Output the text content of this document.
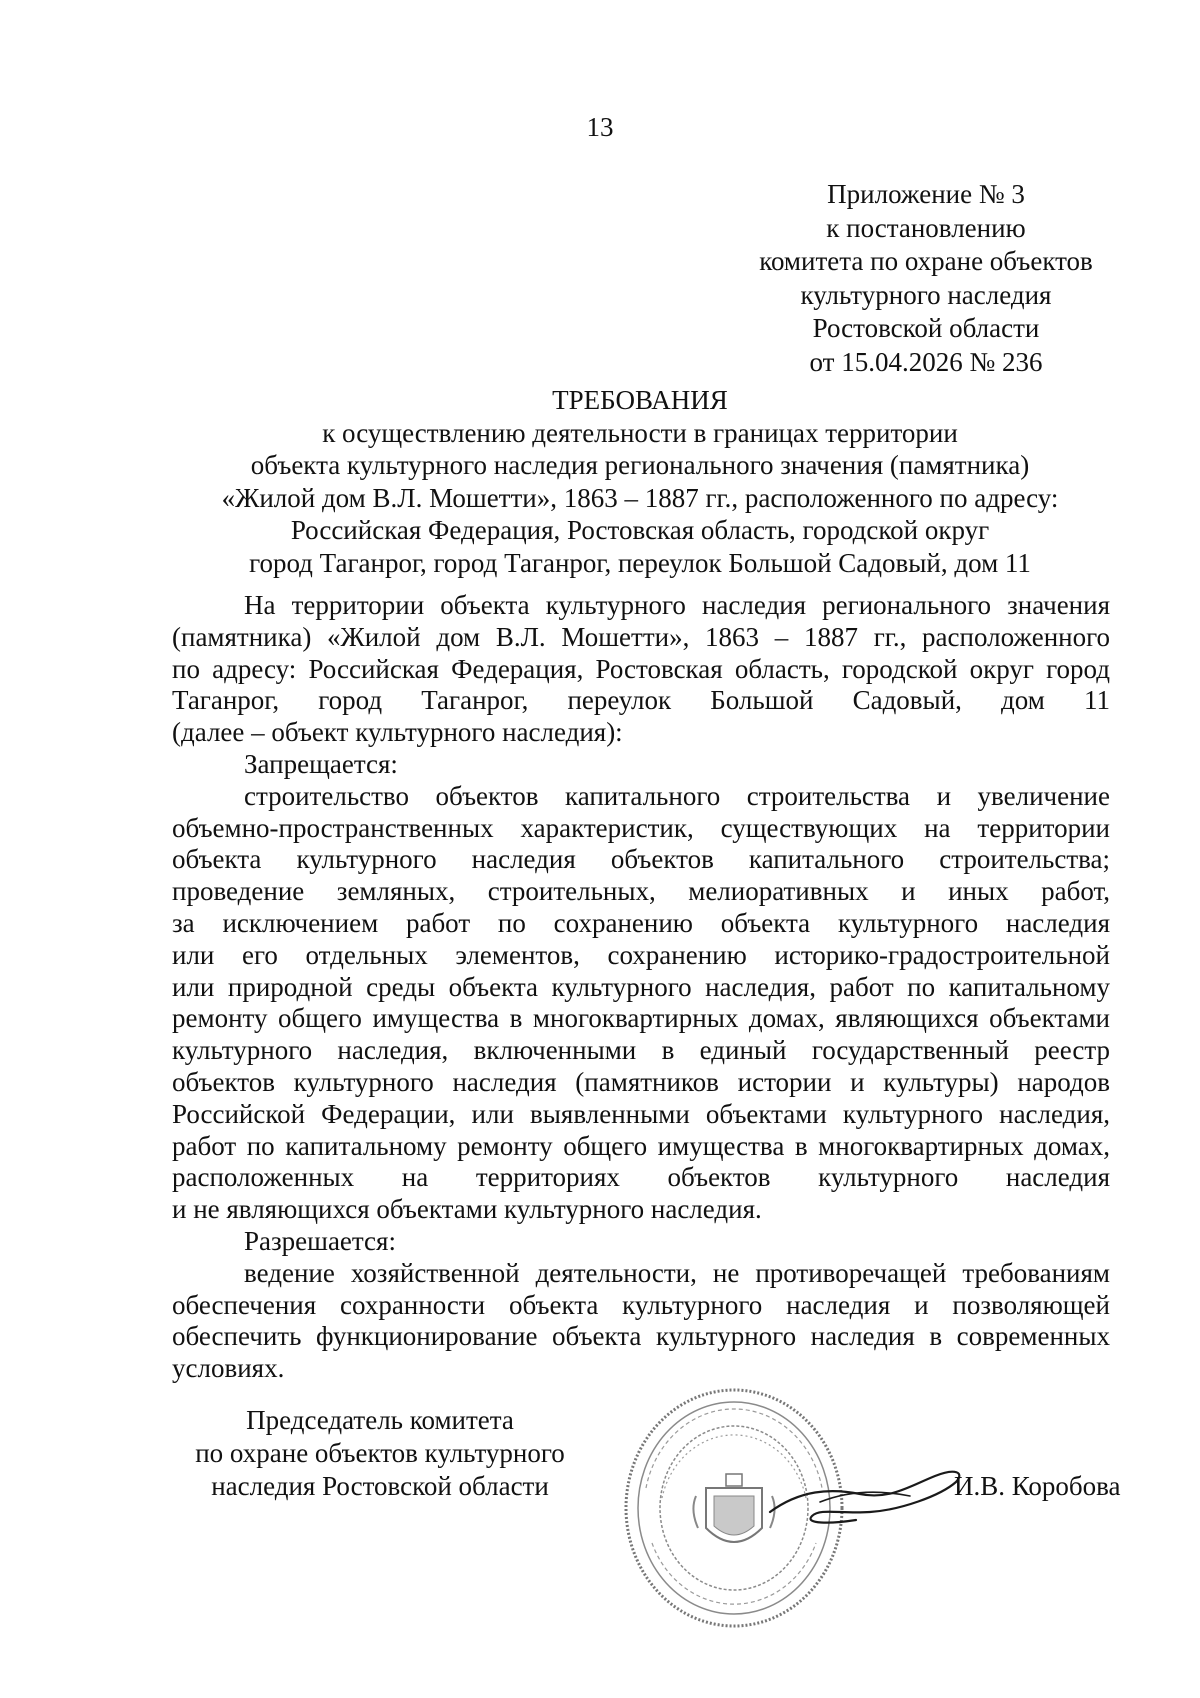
13
Приложение № 3
к постановлению
комитета по охране объектов
культурного наследия
Ростовской области
от 15.04.2026 № 236
ТРЕБОВАНИЯ
к осуществлению деятельности в границах территории
объекта культурного наследия регионального значения (памятника)
«Жилой дом В.Л. Мошетти», 1863 – 1887 гг., расположенного по адресу:
Российская Федерация, Ростовская область, городской округ
город Таганрог, город Таганрог, переулок Большой Садовый, дом 11
На территории объекта культурного наследия регионального значения
(памятника) «Жилой дом В.Л. Мошетти», 1863 – 1887 гг., расположенного
по адресу: Российская Федерация, Ростовская область, городской округ город
Таганрог, город Таганрог, переулок Большой Садовый, дом 11
(далее – объект культурного наследия):
Запрещается:
строительство объектов капитального строительства и увеличение
объемно-пространственных характеристик, существующих на территории
объекта культурного наследия объектов капитального строительства;
проведение земляных, строительных, мелиоративных и иных работ,
за исключением работ по сохранению объекта культурного наследия
или его отдельных элементов, сохранению историко-градостроительной
или природной среды объекта культурного наследия, работ по капитальному
ремонту общего имущества в многоквартирных домах, являющихся объектами
культурного наследия, включенными в единый государственный реестр
объектов культурного наследия (памятников истории и культуры) народов
Российской Федерации, или выявленными объектами культурного наследия,
работ по капитальному ремонту общего имущества в многоквартирных домах,
расположенных на территориях объектов культурного наследия
и не являющихся объектами культурного наследия.
Разрешается:
ведение хозяйственной деятельности, не противоречащей требованиям
обеспечения сохранности объекта культурного наследия и позволяющей
обеспечить функционирование объекта культурного наследия в современных
условиях.
Председатель комитета
по охране объектов культурного
наследия Ростовской области	И.В. Коробова
